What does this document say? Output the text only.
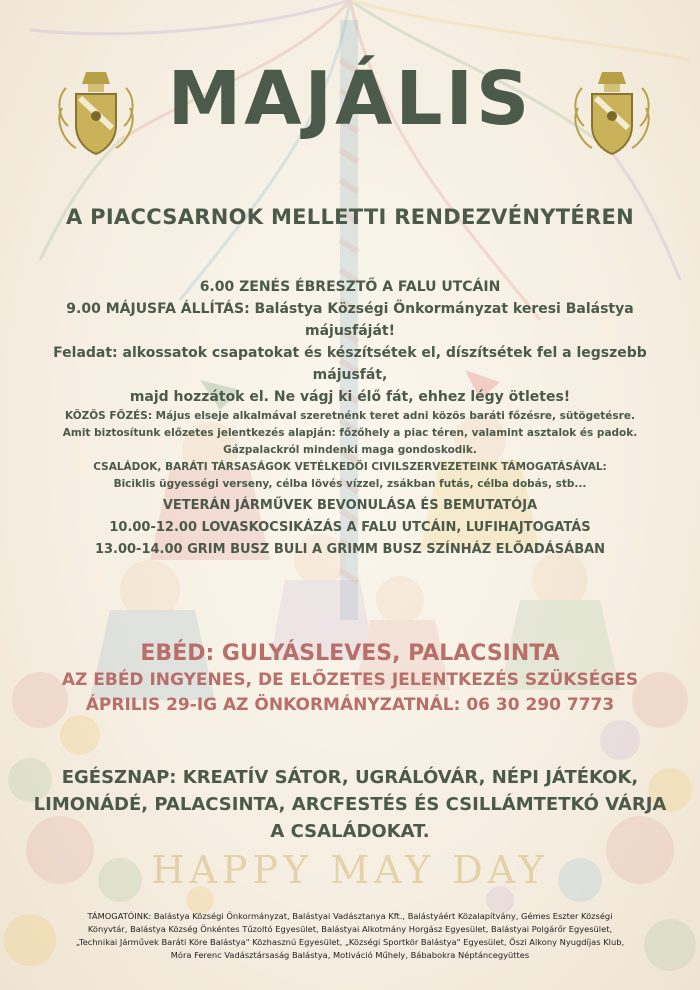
MAJÁLIS
A PIACCSARNOK MELLETTI RENDEZVÉNYTÉREN

6.00 ZENÉS ÉBRESZTŐ A FALU UTCÁIN

9.00 MÁJUSFA ÁLLÍTÁS: Balástya Községi Önkormányzat keresi Balástya májusfáját!

Feladat: alkossatok csapatokat és készítsétek el, díszítsétek fel a legszebb májusfát,

majd hozzátok el. Ne vágj ki élő fát, ehhez légy ötletes!

KÖZÖS FŐZÉS: Május elseje alkalmával szeretnénk teret adni közös baráti főzésre, sütögetésre.

Amit biztosítunk előzetes jelentkezés alapján: főzőhely a piac téren, valamint asztalok és padok.

Gázpalackról mindenki maga gondoskodik.

CSALÁDOK, BARÁTI TÁRSASÁGOK VETÉLKEDŐI CIVILSZERVEZETEINK TÁMOGATÁSÁVAL:

Biciklis ügyességi verseny, célba lövés vízzel, zsákban futás, célba dobás, stb...

VETERÁN JÁRMŰVEK BEVONULÁSA ÉS BEMUTATÓJA

10.00-12.00 LOVASKOCSIKÁZÁS A FALU UTCÁIN, LUFIHAJTOGATÁS

13.00-14.00 GRIM BUSZ BULI A GRIMM BUSZ SZÍNHÁZ ELŐADÁSÁBAN

EBÉD: GULYÁSLEVES, PALACSINTA

AZ EBÉD INGYENES, DE ELŐZETES JELENTKEZÉS SZÜKSÉGES

ÁPRILIS 29-IG AZ ÖNKORMÁNYZATNÁL: 06 30 290 7773

EGÉSZNAP: KREATÍV SÁTOR, UGRÁLÓVÁR, NÉPI JÁTÉKOK,
LIMONÁDÉ, PALACSINTA, ARCFESTÉS ÉS CSILLÁMTETKÓ VÁRJA
A CSALÁDOKAT.
HAPPY MAY DAY
TÁMOGATÓINK: Balástya Községi Önkormányzat, Balástyai Vadásztanya Kft., Balástyáért Közalapítvány, Gémes Eszter Községi
Könyvtár, Balástya Község Önkéntes Tűzoltó Egyesület, Balástyai Alkotmány Horgász Egyesület, Balástyai Polgárőr Egyesület,
„Technikai Járművek Baráti Köre Balástya" Közhasznú Egyesület, „Községi Sportkör Balástya" Egyesület, Őszi Alkony Nyugdíjas Klub,
Móra Ferenc Vadásztársaság Balástya, Motiváció Műhely, Bábabokra Néptáncegyüttes
